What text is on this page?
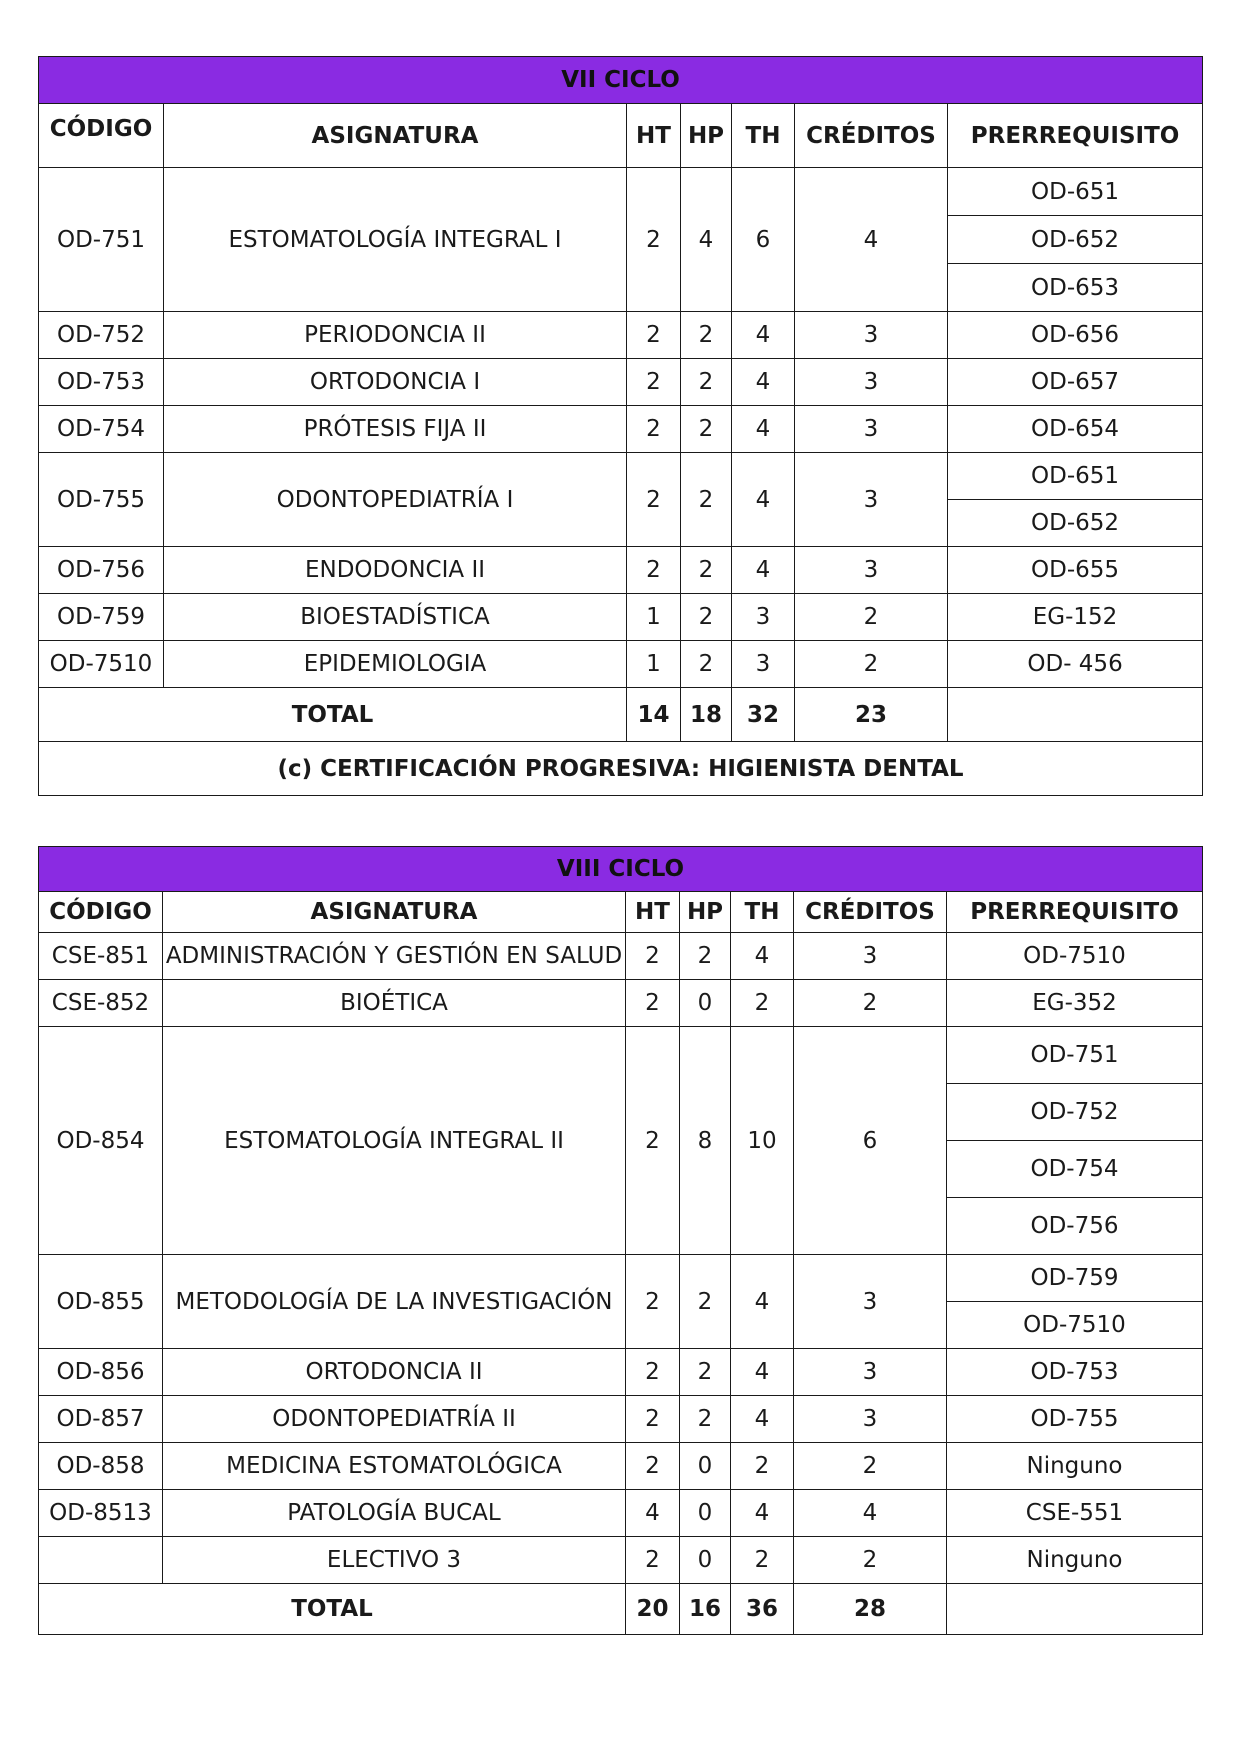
VII CICLO						
CÓDIGO	ASIGNATURA	HT	HP	TH	CRÉDITOS	PRERREQUISITO
OD-751	ESTOMATOLOGÍA INTEGRAL I	2	4	6	4	OD-651
						OD-652
						OD-653
OD-752	PERIODONCIA II	2	2	4	3	OD-656
OD-753	ORTODONCIA I	2	2	4	3	OD-657
OD-754	PRÓTESIS FIJA II	2	2	4	3	OD-654
OD-755	ODONTOPEDIATRÍA I	2	2	4	3	OD-651
						OD-652
OD-756	ENDODONCIA II	2	2	4	3	OD-655
OD-759	BIOESTADÍSTICA	1	2	3	2	EG-152
OD-7510	EPIDEMIOLOGIA	1	2	3	2	OD- 456
TOTAL		14	18	32	23	
(c) CERTIFICACIÓN PROGRESIVA: HIGIENISTA DENTAL						
VIII CICLO						
CÓDIGO	ASIGNATURA	HT	HP	TH	CRÉDITOS	PRERREQUISITO
CSE-851	ADMINISTRACIÓN Y GESTIÓN EN SALUD	2	2	4	3	OD-7510
CSE-852	BIOÉTICA	2	0	2	2	EG-352
OD-854	ESTOMATOLOGÍA INTEGRAL II	2	8	10	6	OD-751
						OD-752
						OD-754
						OD-756
OD-855	METODOLOGÍA DE LA INVESTIGACIÓN	2	2	4	3	OD-759
						OD-7510
OD-856	ORTODONCIA II	2	2	4	3	OD-753
OD-857	ODONTOPEDIATRÍA II	2	2	4	3	OD-755
OD-858	MEDICINA ESTOMATOLÓGICA	2	0	2	2	Ninguno
OD-8513	PATOLOGÍA BUCAL	4	0	4	4	CSE-551
	ELECTIVO 3	2	0	2	2	Ninguno
TOTAL		20	16	36	28	
